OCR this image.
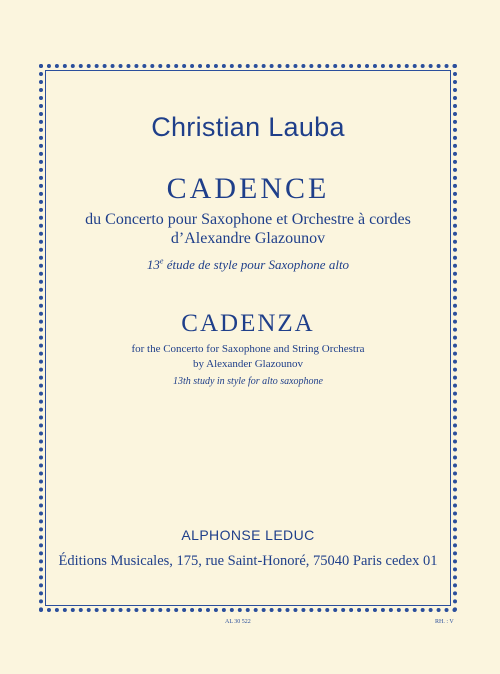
Christian Lauba
CADENCE
du Concerto pour Saxophone et Orchestre à cordes
d’Alexandre Glazounov
13e étude de style pour Saxophone alto
CADENZA
for the Concerto for Saxophone and String Orchestra
by Alexander Glazounov
13th study in style for alto saxophone
ALPHONSE LEDUC
Éditions Musicales, 175, rue Saint-Honoré, 75040 Paris cedex 01
AL 30 522	RH. : V
